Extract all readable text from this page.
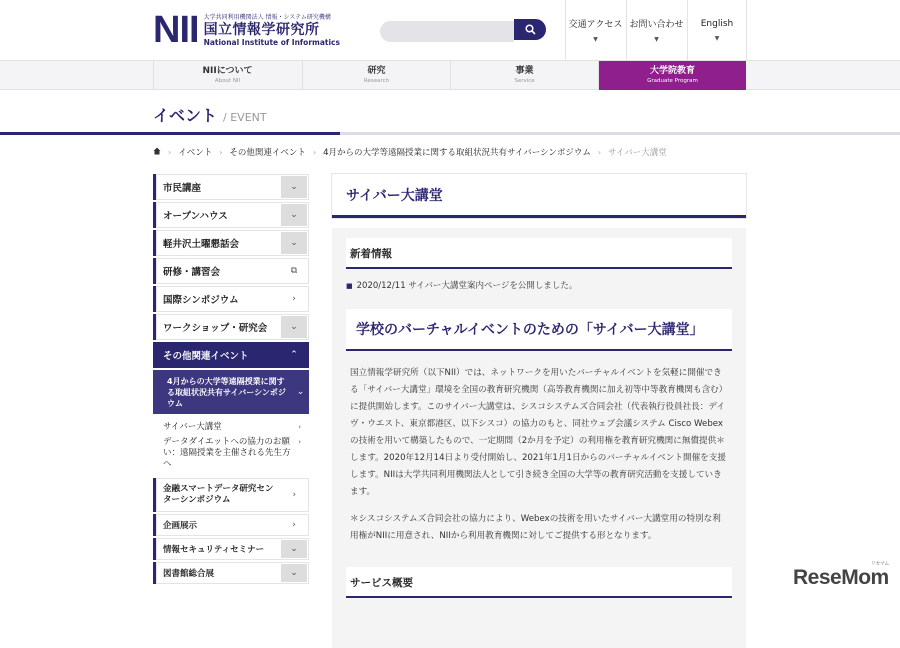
NII 大学共同利用機関法人 情報・システム研究機構
国立情報学研究所
National Institute of Informatics
交通アクセス
▼
お問い合わせ
▼
English
▼
NIIについて
About NII
研究
Research
事業
Service
大学院教育
Graduate Program
イベント / EVENT
› イベント › その他関連イベント › 4月からの大学等遠隔授業に関する取組状況共有サイバーシンポジウム › サイバー大講堂
市民講座	⌄
オープンハウス	⌄
軽井沢土曜懇話会	⌄
研修・講習会	⧉
国際シンポジウム	›
ワークショップ・研究会	⌄
その他関連イベント	⌃
4月からの大学等遠隔授業に関する取組状況共有サイバーシンポジウム
⌄
サイバー大講堂	›
データダイエットへの協力のお願い：遠隔授業を主催される先生方へ
›
金融スマートデータ研究センターシンポジウム	›
企画展示	›
情報セキュリティセミナー	⌄
図書館総合展	⌄
サイバー大講堂
新着情報
■ 2020/12/11 サイバー大講堂案内ページを公開しました。
学校のバーチャルイベントのための「サイバー大講堂」
国立情報学研究所（以下NII）では、ネットワークを用いたバーチャルイベントを気軽に開催できる「サイバー大講堂」環境を全国の教育研究機関（高等教育機関に加え初等中等教育機関も含む）に提供開始します。このサイバー大講堂は、シスコシステムズ合同会社（代表執行役員社長：デイヴ・ウエスト、東京都港区、以下シスコ）の協力のもと、同社ウェブ会議システム Cisco Webexの技術を用いて構築したもので、一定期間（2か月を予定）の利用権を教育研究機関に無償提供＊します。2020年12月14日より受付開始し、2021年1月1日からのバーチャルイベント開催を支援します。NIIは大学共同利用機関法人として引き続き全国の大学等の教育研究活動を支援していきます。
＊シスコシステムズ合同会社の協力により、Webexの技術を用いたサイバー大講堂用の特別な利用権がNIIに用意され、NIIから利用教育機関に対してご提供する形となります。
サービス概要	ReseMom
リセマム
